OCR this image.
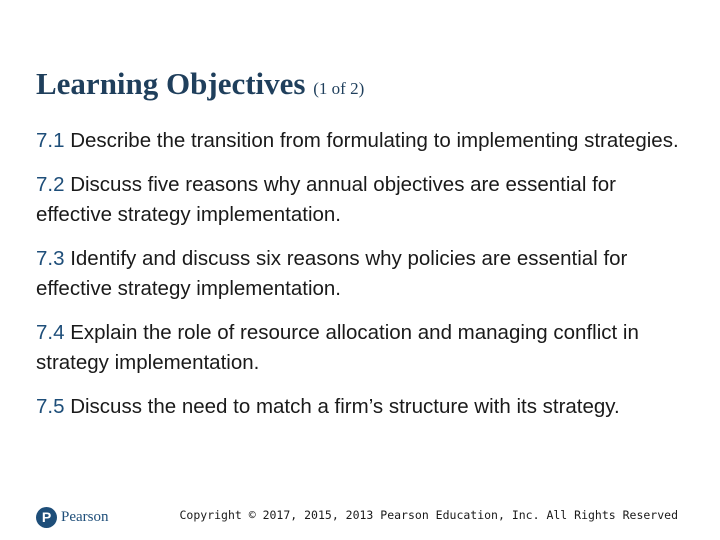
Learning Objectives (1 of 2)
7.1 Describe the transition from formulating to implementing strategies.
7.2 Discuss five reasons why annual objectives are essential for effective strategy implementation.
7.3 Identify and discuss six reasons why policies are essential for effective strategy implementation.
7.4 Explain the role of resource allocation and managing conflict in strategy implementation.
7.5 Discuss the need to match a firm’s structure with its strategy.
P Pearson	Copyright © 2017, 2015, 2013 Pearson Education, Inc. All Rights Reserved
